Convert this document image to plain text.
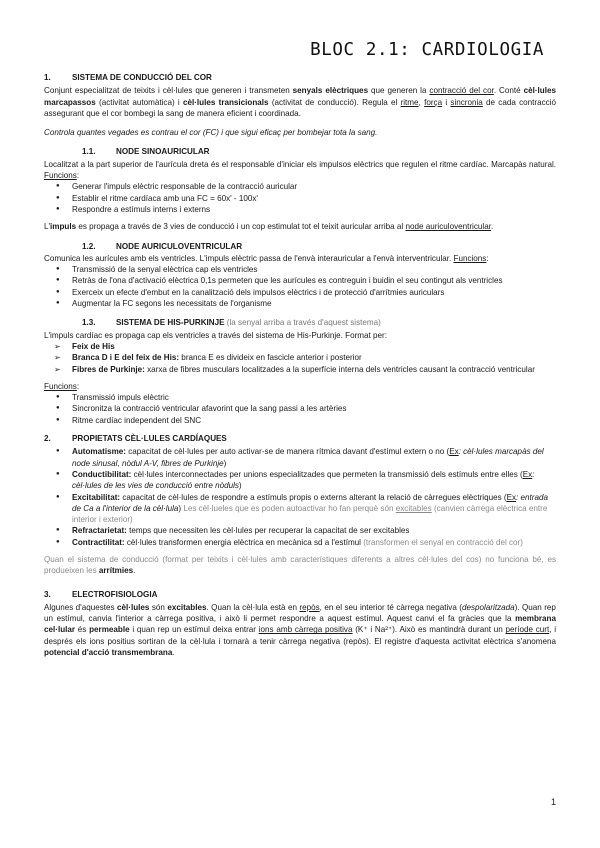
BLOC 2.1: CARDIOLOGIA
1.	SISTEMA DE CONDUCCIÓ DEL COR

Conjunt especialitzat de teixits i cèl·lules que generen i transmeten senyals elèctriques que generen la contracció del cor. Conté cèl·lules marcapassos (activitat automàtica) i cèl·lules transicionals (activitat de conducció). Regula el ritme, força i sincronia de cada contracció assegurant que el cor bombegi la sang de manera eficient i coordinada.

Controla quantes vegades es contrau el cor (FC) i que sigui eficaç per bombejar tota la sang.

1.1.	NODE SINOAURICULAR

Localitzat a la part superior de l'aurícula dreta és el responsable d'iniciar els impulsos elèctrics que regulen el ritme cardíac. Marcapàs natural. Funcions:

● Generar l'impuls elèctric responsable de la contracció auricular
● Establir el ritme cardíaca amb una FC = 60x' - 100x'
● Respondre a estímuls interns i externs

L'impuls es propaga a través de 3 vies de conducció i un cop estimulat tot el teixit auricular arriba al node auriculoventricular.

1.2.	NODE AURICULOVENTRICULAR

Comunica les aurícules amb els ventricles. L'impuls elèctric passa de l'envà interauricular a l'envà interventricular. Funcions:

● Transmissió de la senyal elèctrica cap els ventricles
● Retràs de l'ona d'activació elèctrica 0,1s permeten que les aurícules es contreguin i buidin el seu contingut als ventricles
● Exerceix un efecte d'embut en la canalització dels impulsos elèctrics i de protecció d'arrítmies auriculars
● Augmentar la FC segons les necessitats de l'organisme
1.3.	SISTEMA DE HIS-PURKINJE (la senyal arriba a través d'aquest sistema)

L'impuls cardíac es propaga cap els ventricles a través del sistema de His-Purkinje. Format per:

➢ Feix de His
➢ Branca D i E del feix de His: branca E es divideix en fascicle anterior i posterior
➢ Fibres de Purkinje: xarxa de fibres musculars localitzades a la superfície interna dels ventricles causant la contracció ventricular

Funcions:

● Transmissió impuls elèctric
● Sincronitza la contracció ventricular afavorint que la sang passi a les artèries
● Ritme cardíac independent del SNC
2.	PROPIETATS CÈL·LULES CARDÍAQUES
● Automatisme: capacitat de cèl·lules per auto activar-se de manera rítmica davant d'estímul extern o no (Ex: cèl·lules marcapàs del node sinusal, nòdul A-V, fibres de Purkinje)
● Conductibilitat: cèl·lules interconnectades per unions especialitzades que permeten la transmissió dels estímuls entre elles (Ex: cèl·lules de les vies de conducció entre nòduls)
● Excitabilitat: capacitat de cèl·lules de respondre a estímuls propis o externs alterant la relació de càrregues elèctriques (Ex: entrada de Ca a l'interior de la cèl·lula) Les cèl·lueles que es poden autoactivar ho fan perquè són excitables (canvien càrrega elèctrica entre interior i exterior)
● Refractarietat: temps que necessiten les cèl·lules per recuperar la capacitat de ser excitables
● Contractilitat: cèl·lules transformen energia elèctrica en mecànica sd a l'estímul (transformen el senyal en contracció del cor)

Quan el sistema de conducció (format per teixits i cèl·lules amb característiques diferents a altres cèl·lules del cos) no funciona bé, es produeixen les arrítmies.

3.	ELECTROFISIOLOGIA

Algunes d'aquestes cèl·lules són excitables. Quan la cèl·lula està en repòs, en el seu interior té càrrega negativa (despolaritzada). Quan rep un estímul, canvia l'interior a càrrega positiva, i això li permet respondre a aquest estímul. Aquest canvi el fa gràcies que la membrana cel·lular és permeable i quan rep un estímul deixa entrar ions amb càrrega positiva (K⁺ i Na²⁺). Això es mantindrà durant un període curt, i després els ions positius sortiran de la cèl·lula i tornarà a tenir càrrega negativa (repòs). El registre d'aquesta activitat elèctrica s'anomena potencial d'acció transmembrana.

1
